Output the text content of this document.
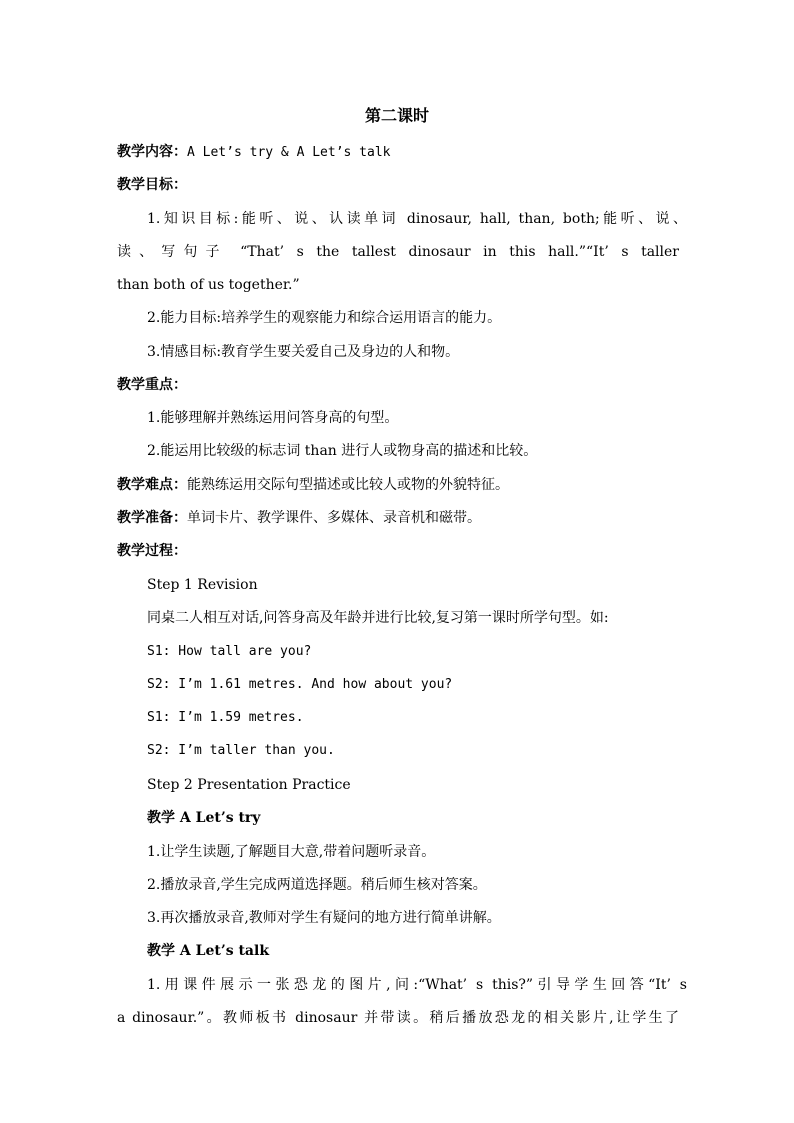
第二课时
教学内容：A Let’s try & A Let’s talk
教学目标：
1.知识目标:能听、说、认读单词 dinosaur, hall, than, both;能听、说、
读、写句子 “That’ s the tallest dinosaur in this hall.”“It’ s taller
than both of us together.”
2.能力目标:培养学生的观察能力和综合运用语言的能力。
3.情感目标:教育学生要关爱自己及身边的人和物。
教学重点：
1.能够理解并熟练运用问答身高的句型。
2.能运用比较级的标志词 than 进行人或物身高的描述和比较。
教学难点：能熟练运用交际句型描述或比较人或物的外貌特征。
教学准备：单词卡片、教学课件、多媒体、录音机和磁带。
教学过程：
Step 1 Revision
同桌二人相互对话,问答身高及年龄并进行比较,复习第一课时所学句型。如:
S1: How tall are you?
S2: I’m 1.61 metres. And how about you?
S1: I’m 1.59 metres.
S2: I’m taller than you.
Step 2 Presentation Practice
教学 A Let’s try
1.让学生读题,了解题目大意,带着问题听录音。
2.播放录音,学生完成两道选择题。稍后师生核对答案。
3.再次播放录音,教师对学生有疑问的地方进行简单讲解。
教学 A Let’s talk
1.用课件展示一张恐龙的图片,问:“What’ s this?”引导学生回答“It’ s
a dinosaur.”。教师板书 dinosaur 并带读。稍后播放恐龙的相关影片,让学生了
